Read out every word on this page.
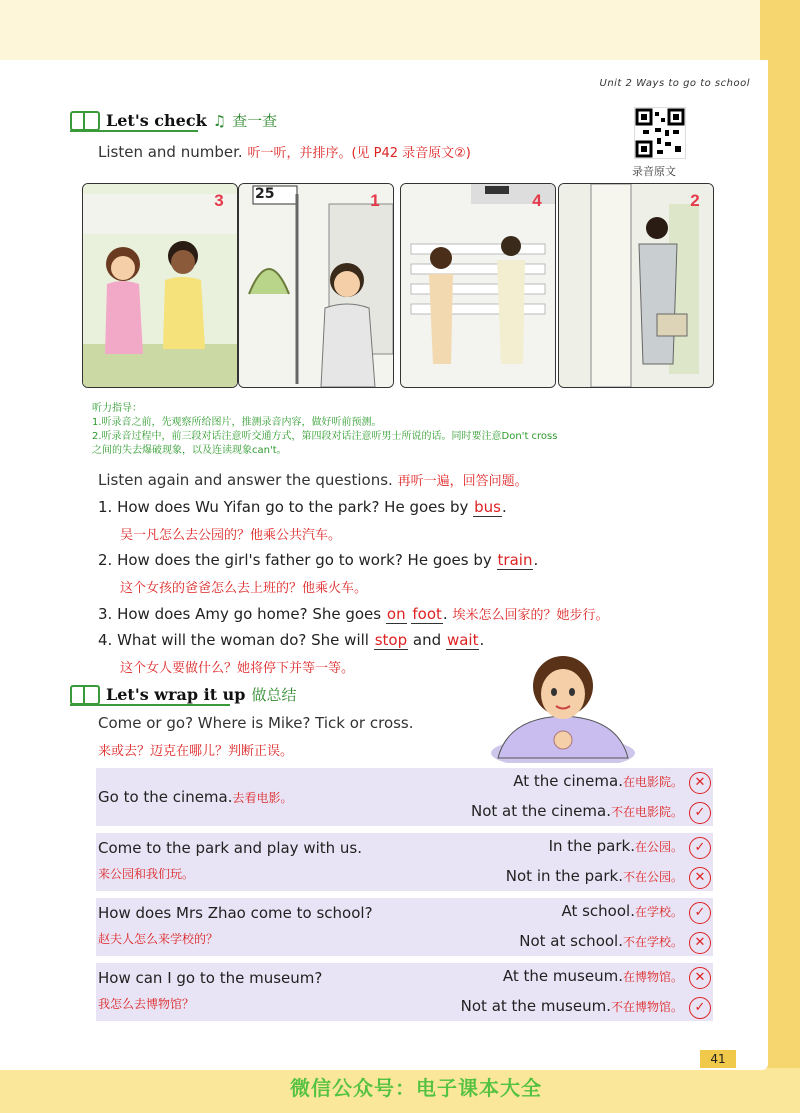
Unit 2 Ways to go to school
录音原文
Let's check ♫ 查一查
Listen and number. 听一听，并排序。(见 P42 录音原文②)
3	25	1	4	2
听力指导：
1.听录音之前，先观察所给图片，推测录音内容，做好听前预测。
2.听录音过程中，前三段对话注意听交通方式，第四段对话注意听男士所说的话。同时要注意Don't cross
之间的失去爆破现象，以及连读现象can't。
Listen again and answer the questions. 再听一遍，回答问题。
1. How does Wu Yifan go to the park? He goes by bus.
吴一凡怎么去公园的？他乘公共汽车。
2. How does the girl's father go to work? He goes by train.
这个女孩的爸爸怎么去上班的？他乘火车。
3. How does Amy go home? She goes on foot. 埃米怎么回家的？她步行。
4. What will the woman do? She will stop and wait.
这个女人要做什么？她将停下并等一等。
Let's wrap it up 做总结
Come or go? Where is Mike? Tick or cross.
来或去？迈克在哪儿？判断正误。
Go to the cinema.去看电影。
At the cinema.在电影院。 ✕
Not at the cinema.不在电影院。 ✓
Come to the park and play with us.
来公园和我们玩。
In the park.在公园。 ✓
Not in the park.不在公园。 ✕
How does Mrs Zhao come to school?
赵夫人怎么来学校的？
At school.在学校。 ✓
Not at school.不在学校。 ✕
How can I go to the museum?
我怎么去博物馆？
At the museum.在博物馆。 ✕
Not at the museum.不在博物馆。 ✓
41
微信公众号：电子课本大全
